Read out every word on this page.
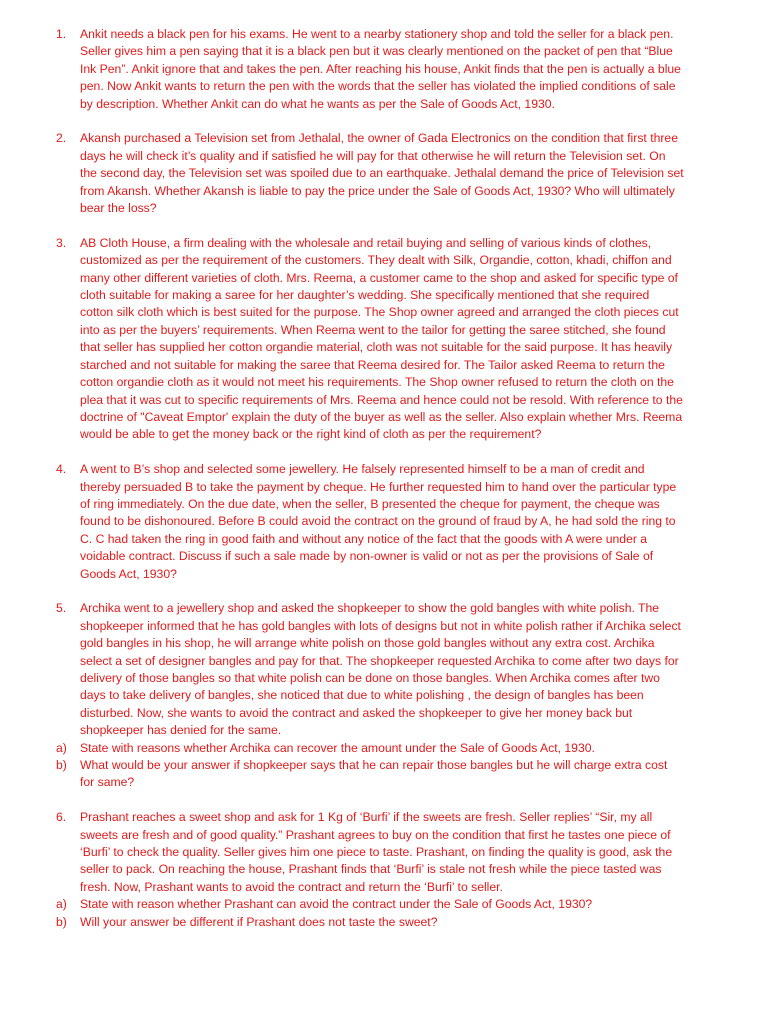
1. Ankit needs a black pen for his exams. He went to a nearby stationery shop and told the seller for a black pen. Seller gives him a pen saying that it is a black pen but it was clearly mentioned on the packet of pen that “Blue Ink Pen”. Ankit ignore that and takes the pen. After reaching his house, Ankit finds that the pen is actually a blue pen. Now Ankit wants to return the pen with the words that the seller has violated the implied conditions of sale by description. Whether Ankit can do what he wants as per the Sale of Goods Act, 1930.
2. Akansh purchased a Television set from Jethalal, the owner of Gada Electronics on the condition that first three days he will check it’s quality and if satisfied he will pay for that otherwise he will return the Television set. On the second day, the Television set was spoiled due to an earthquake. Jethalal demand the price of Television set from Akansh. Whether Akansh is liable to pay the price under the Sale of Goods Act, 1930? Who will ultimately bear the loss?
3. AB Cloth House, a firm dealing with the wholesale and retail buying and selling of various kinds of clothes, customized as per the requirement of the customers. They dealt with Silk, Organdie, cotton, khadi, chiffon and many other different varieties of cloth. Mrs. Reema, a customer came to the shop and asked for specific type of cloth suitable for making a saree for her daughter’s wedding. She specifically mentioned that she required cotton silk cloth which is best suited for the purpose. The Shop owner agreed and arranged the cloth pieces cut into as per the buyers’ requirements. When Reema went to the tailor for getting the saree stitched, she found that seller has supplied her cotton organdie material, cloth was not suitable for the said purpose. It has heavily starched and not suitable for making the saree that Reema desired for. The Tailor asked Reema to return the cotton organdie cloth as it would not meet his requirements. The Shop owner refused to return the cloth on the plea that it was cut to specific requirements of Mrs. Reema and hence could not be resold. With reference to the doctrine of "Caveat Emptor' explain the duty of the buyer as well as the seller. Also explain whether Mrs. Reema would be able to get the money back or the right kind of cloth as per the requirement?
4. A went to B’s shop and selected some jewellery. He falsely represented himself to be a man of credit and thereby persuaded B to take the payment by cheque. He further requested him to hand over the particular type of ring immediately. On the due date, when the seller, B presented the cheque for payment, the cheque was found to be dishonoured. Before B could avoid the contract on the ground of fraud by A, he had sold the ring to C. C had taken the ring in good faith and without any notice of the fact that the goods with A were under a voidable contract. Discuss if such a sale made by non-owner is valid or not as per the provisions of Sale of Goods Act, 1930?
5. Archika went to a jewellery shop and asked the shopkeeper to show the gold bangles with white polish. The shopkeeper informed that he has gold bangles with lots of designs but not in white polish rather if Archika select gold bangles in his shop, he will arrange white polish on those gold bangles without any extra cost. Archika select a set of designer bangles and pay for that. The shopkeeper requested Archika to come after two days for delivery of those bangles so that white polish can be done on those bangles. When Archika comes after two days to take delivery of bangles, she noticed that due to white polishing , the design of bangles has been disturbed. Now, she wants to avoid the contract and asked the shopkeeper to give her money back but shopkeeper has denied for the same.
a) State with reasons whether Archika can recover the amount under the Sale of Goods Act, 1930.
b) What would be your answer if shopkeeper says that he can repair those bangles but he will charge extra cost for same?
6. Prashant reaches a sweet shop and ask for 1 Kg of ‘Burfi’ if the sweets are fresh. Seller replies’ “Sir, my all sweets are fresh and of good quality.” Prashant agrees to buy on the condition that first he tastes one piece of ‘Burfi’ to check the quality. Seller gives him one piece to taste. Prashant, on finding the quality is good, ask the seller to pack. On reaching the house, Prashant finds that ‘Burfi’ is stale not fresh while the piece tasted was fresh. Now, Prashant wants to avoid the contract and return the ‘Burfi’ to seller.
a) State with reason whether Prashant can avoid the contract under the Sale of Goods Act, 1930?
b) Will your answer be different if Prashant does not taste the sweet?
